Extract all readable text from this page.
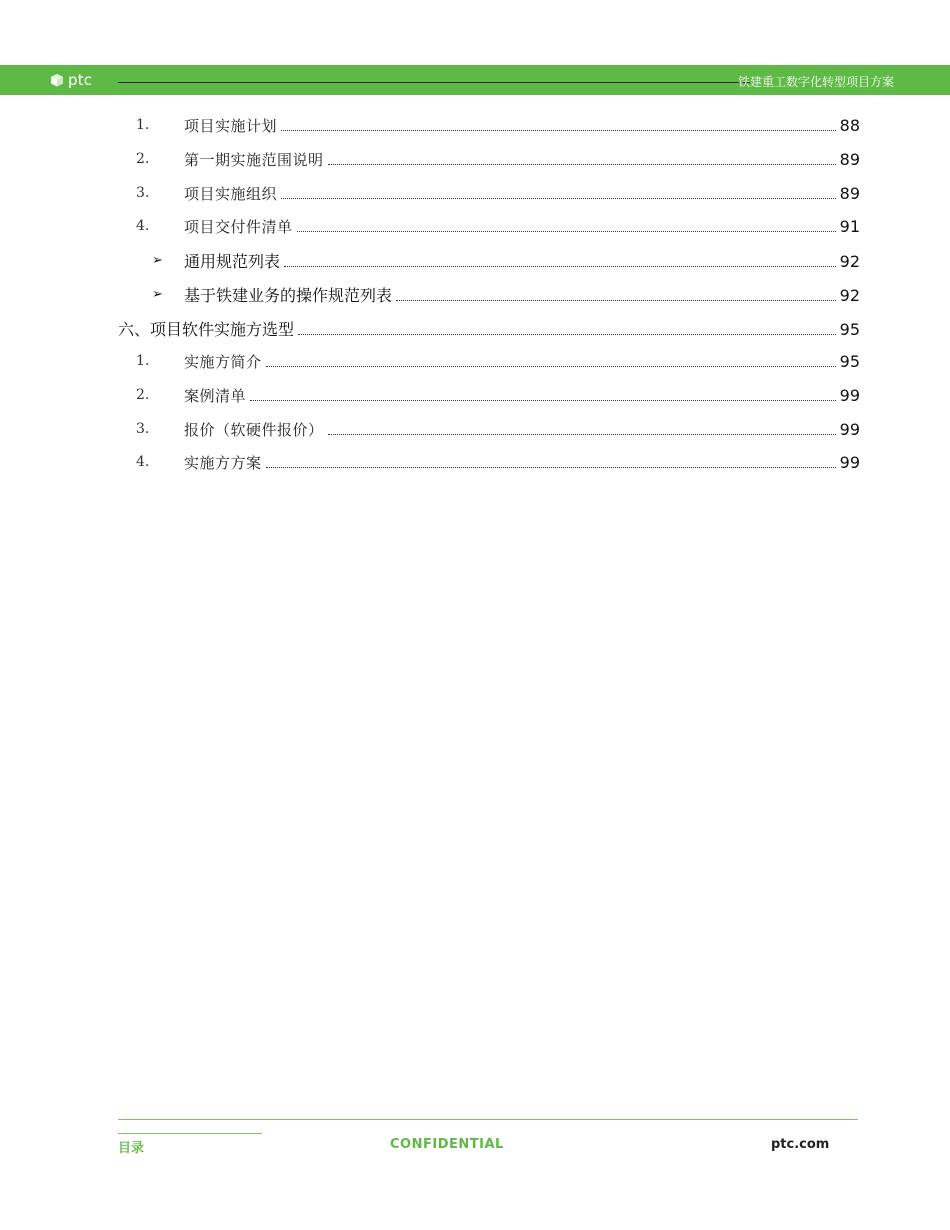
ptc	铁建重工数字化转型项目方案
1.	项目实施计划	88
2.	第一期实施范围说明	89
3.	项目实施组织	89
4.	项目交付件清单	91
➢ 通用规范列表	92
➢ 基于铁建业务的操作规范列表	92
六、项目软件实施方选型	95
1.	实施方简介	95
2.	案例清单	99
3.	报价（软硬件报价）	99
4.	实施方方案	99
目录	CONFIDENTIAL	ptc.com
